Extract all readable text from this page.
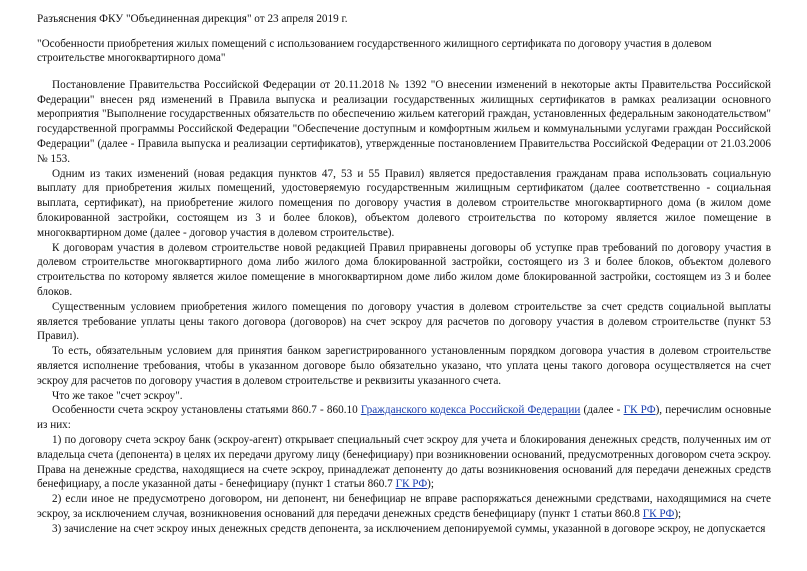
Разъяснения ФКУ "Объединенная дирекция" от 23 апреля 2019 г.
"Особенности приобретения жилых помещений с использованием государственного жилищного сертификата по договору участия в долевом строительстве многоквартирного дома"

Постановление Правительства Российской Федерации от 20.11.2018 № 1392 "О внесении изменений в некоторые акты Правительства Российской Федерации" внесен ряд изменений в Правила выпуска и реализации государственных жилищных сертификатов в рамках реализации основного мероприятия "Выполнение государственных обязательств по обеспечению жильем категорий граждан, установленных федеральным законодательством" государственной программы Российской Федерации "Обеспечение доступным и комфортным жильем и коммунальными услугами граждан Российской Федерации" (далее - Правила выпуска и реализации сертификатов), утвержденные постановлением Правительства Российской Федерации от 21.03.2006 № 153.

Одним из таких изменений (новая редакция пунктов 47, 53 и 55 Правил) является предоставления гражданам права использовать социальную выплату для приобретения жилых помещений, удостоверяемую государственным жилищным сертификатом (далее соответственно - социальная выплата, сертификат), на приобретение жилого помещения по договору участия в долевом строительстве многоквартирного дома (в жилом доме блокированной застройки, состоящем из 3 и более блоков), объектом долевого строительства по которому является жилое помещение в многоквартирном доме (далее - договор участия в долевом строительстве).

К договорам участия в долевом строительстве новой редакцией Правил приравнены договоры об уступке прав требований по договору участия в долевом строительстве многоквартирного дома либо жилого дома блокированной застройки, состоящего из 3 и более блоков, объектом долевого строительства по которому является жилое помещение в многоквартирном доме либо жилом доме блокированной застройки, состоящем из 3 и более блоков.

Существенным условием приобретения жилого помещения по договору участия в долевом строительстве за счет средств социальной выплаты является требование уплаты цены такого договора (договоров) на счет эскроу для расчетов по договору участия в долевом строительстве (пункт 53 Правил).

То есть, обязательным условием для принятия банком зарегистрированного установленным порядком договора участия в долевом строительстве является исполнение требования, чтобы в указанном договоре было обязательно указано, что уплата цены такого договора осуществляется на счет эскроу для расчетов по договору участия в долевом строительстве и реквизиты указанного счета.

Что же такое "счет эскроу".

Особенности счета эскроу установлены статьями 860.7 - 860.10 Гражданского кодекса Российской Федерации (далее - ГК РФ), перечислим основные из них:

1) по договору счета эскроу банк (эскроу-агент) открывает специальный счет эскроу для учета и блокирования денежных средств, полученных им от владельца счета (депонента) в целях их передачи другому лицу (бенефициару) при возникновении оснований, предусмотренных договором счета эскроу. Права на денежные средства, находящиеся на счете эскроу, принадлежат депоненту до даты возникновения оснований для передачи денежных средств бенефициару, а после указанной даты - бенефициару (пункт 1 статьи 860.7 ГК РФ);

2) если иное не предусмотрено договором, ни депонент, ни бенефициар не вправе распоряжаться денежными средствами, находящимися на счете эскроу, за исключением случая, возникновения оснований для передачи денежных средств бенефициару (пункт 1 статьи 860.8 ГК РФ);

3) зачисление на счет эскроу иных денежных средств депонента, за исключением депонируемой суммы, указанной в договоре эскроу, не допускается
